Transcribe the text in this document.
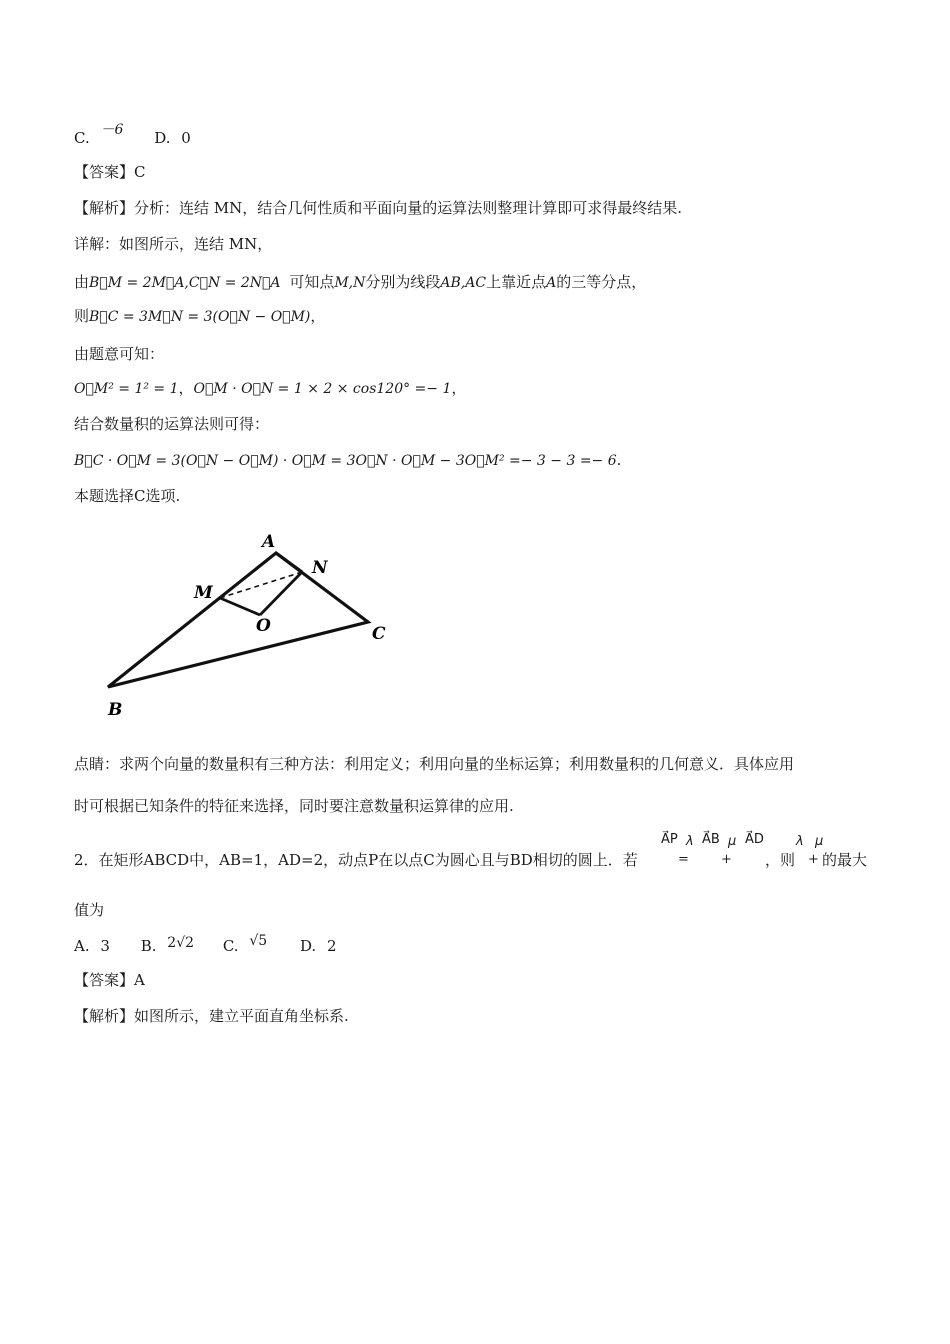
C. －6 D. 0
【答案】C
【解析】分析：连结 MN，结合几何性质和平面向量的运算法则整理计算即可求得最终结果.
详解：如图所示，连结 MN，
由B⃗M = 2M⃗A,C⃗N = 2N⃗A 可知点M,N分别为线段AB,AC上靠近点A的三等分点，
则B⃗C = 3M⃗N = 3(O⃗N − O⃗M)，
由题意可知：
O⃗M² = 1² = 1，O⃗M · O⃗N = 1 × 2 × cos120° =− 1，
结合数量积的运算法则可得：
B⃗C · O⃗M = 3(O⃗N − O⃗M) · O⃗M = 3O⃗N · O⃗M − 3O⃗M² =− 3 − 3 =− 6.
本题选择C选项.
A
N
M
O	C
B
点睛：求两个向量的数量积有三种方法：利用定义；利用向量的坐标运算；利用数量积的几何意义．具体应用
时可根据已知条件的特征来选择，同时要注意数量积运算律的应用.
A⃗P λ A⃗B μ A⃗D λ μ
2．在矩形ABCD中，AB=1，AD=2，动点P在以点C为圆心且与BD相切的圆上．若	= + ，则 + 的最大
值为
A. 3 B. 2√2 C. √5 D. 2
【答案】A
【解析】如图所示，建立平面直角坐标系.
